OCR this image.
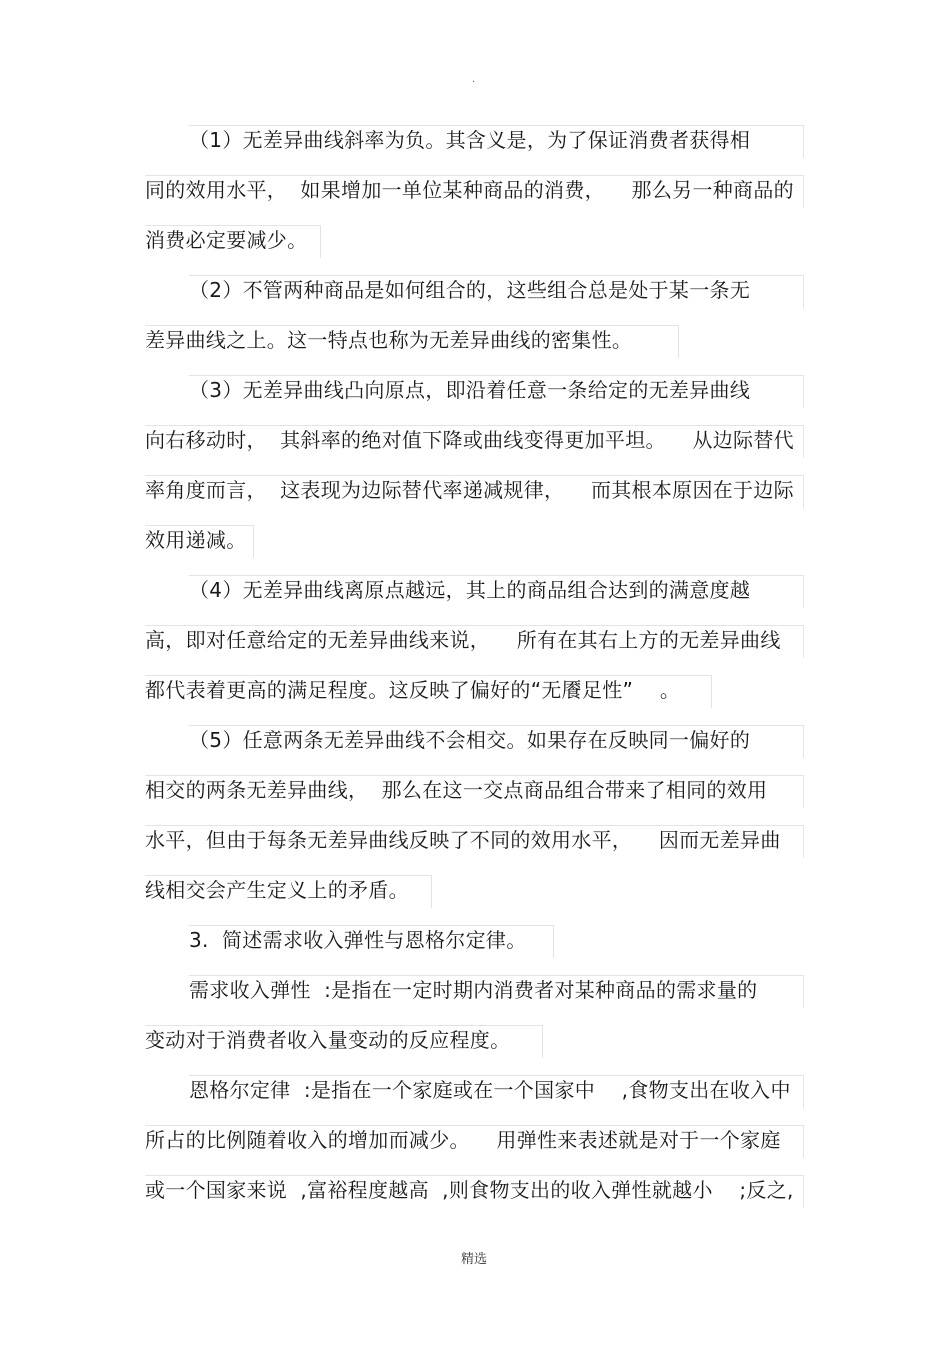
.
（1）无差异曲线斜率为负。其含义是，为了保证消费者获得相
同的效用水平，  如果增加一单位某种商品的消费，    那么另一种商品的
消费必定要减少。
（2）不管两种商品是如何组合的，这些组合总是处于某一条无
差异曲线之上。这一特点也称为无差异曲线的密集性。
（3）无差异曲线凸向原点，即沿着任意一条给定的无差异曲线
向右移动时，  其斜率的绝对值下降或曲线变得更加平坦。    从边际替代
率角度而言，  这表现为边际替代率递减规律，    而其根本原因在于边际
效用递减。
（4）无差异曲线离原点越远，其上的商品组合达到的满意度越
高，即对任意给定的无差异曲线来说，    所有在其右上方的无差异曲线
都代表着更高的满足程度。这反映了偏好的“无餍足性”    。
（5）任意两条无差异曲线不会相交。如果存在反映同一偏好的
相交的两条无差异曲线，  那么在这一交点商品组合带来了相同的效用
水平，但由于每条无差异曲线反映了不同的效用水平，    因而无差异曲
线相交会产生定义上的矛盾。
3.  简述需求收入弹性与恩格尔定律。
需求收入弹性  :是指在一定时期内消费者对某种商品的需求量的
变动对于消费者收入量变动的反应程度。
恩格尔定律  :是指在一个家庭或在一个国家中    ,食物支出在收入中
所占的比例随着收入的增加而减少。    用弹性来表述就是对于一个家庭
或一个国家来说  ,富裕程度越高  ,则食物支出的收入弹性就越小    ;反之,
精选
